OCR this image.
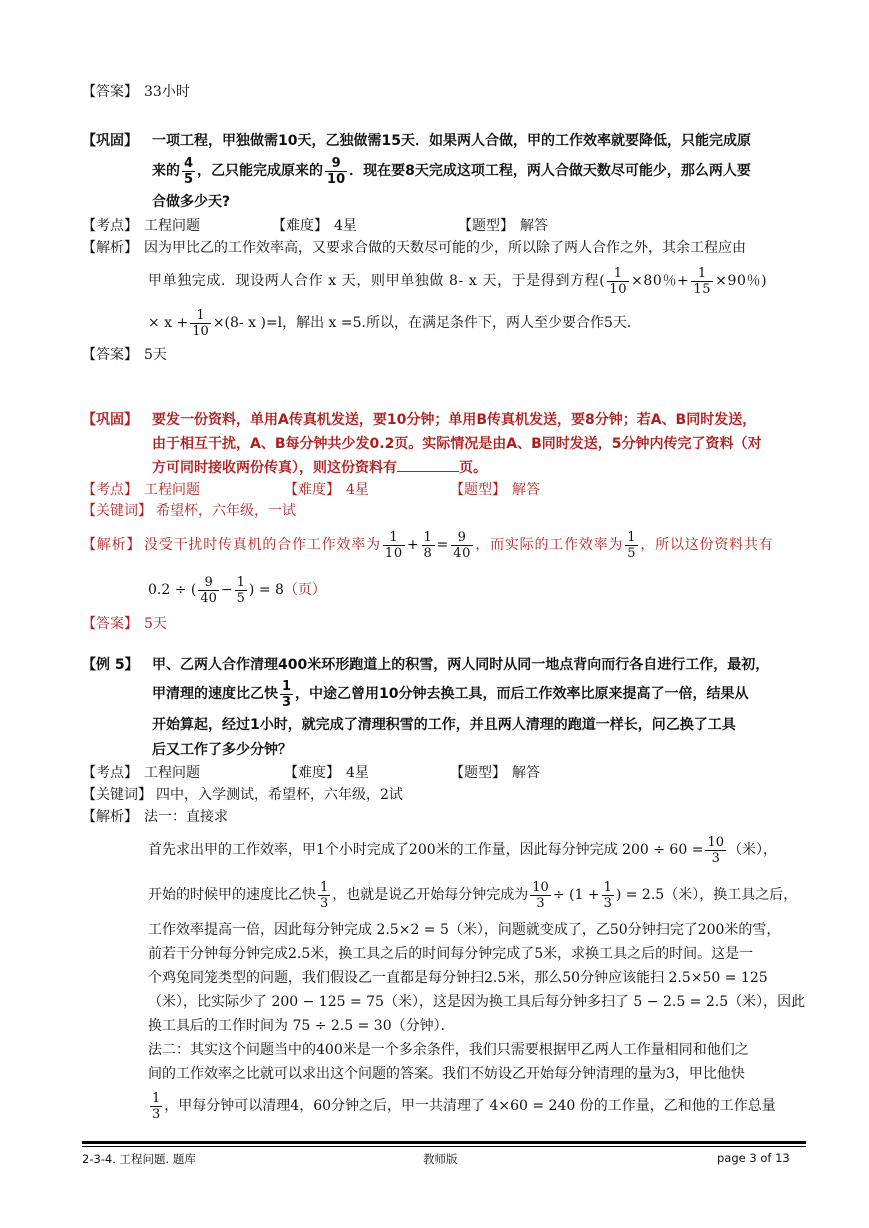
【答案】 33小时
【巩固】 一项工程，甲独做需10天，乙独做需15天．如果两人合做，甲的工作效率就要降低，只能完成原
来的 $\frac{4}{5}$ ，乙只能完成原来的 $\frac{9}{10}$ ．现在要8天完成这项工程，两人合做天数尽可能少，那么两人要
合做多少天?
【考点】 工程问题	【难度】 4星	【题型】 解答
【解析】 因为甲比乙的工作效率高，又要求合做的天数尽可能的少，所以除了两人合作之外，其余工程应由
甲单独完成．现设两人合作 x 天，则甲单独做 8- x 天，于是得到方程( $\frac{1}{10} \times 80$％+ $\frac{1}{15} \times 90$％)
× $x + \frac{1}{10} \times(8-$ x )=l，解出 x =5.所以，在满足条件下，两人至少要合作5天．
【答案】 5天
【巩固】 要发一份资料，单用A传真机发送，要10分钟；单用B传真机发送，要8分钟；若A、B同时发送，
由于相互干扰，A、B每分钟共少发0.2页。实际情况是由A、B同时发送，5分钟内传完了资料（对
方可同时接收两份传真），则这份资料有	页。
【考点】 工程问题	【难度】 4星	【题型】 解答
【关键词】 希望杯，六年级，一试
【解析】 没受干扰时传真机的合作工作效率为 $\frac{1}{10} + \frac{1}{8} = \frac{9}{40}$ ，而实际的工作效率为 $\frac{1}{5}$ ，所以这份资料共有
0.2 ÷ ( $\frac{9}{40} - \frac{1}{5}$ ) = 8（页）
【答案】 5天
【例 5】 甲、乙两人合作清理400米环形跑道上的积雪，两人同时从同一地点背向而行各自进行工作，最初，
甲清理的速度比乙快 $\frac{1}{3}$ ，中途乙曾用10分钟去换工具，而后工作效率比原来提高了一倍，结果从
开始算起，经过1小时，就完成了清理积雪的工作，并且两人清理的跑道一样长，问乙换了工具
后又工作了多少分钟？
【考点】 工程问题	【难度】 4星	【题型】 解答
【关键词】 四中，入学测试，希望杯，六年级，2试
【解析】 法一：直接求
首先求出甲的工作效率，甲1个小时完成了200米的工作量，因此每分钟完成 $200 \div 60 = \frac{10}{3}$ （米），
开始的时候甲的速度比乙快 $\frac{1}{3}$ ，也就是说乙开始每分钟完成为 $\frac{10}{3} \div (1 + \frac{1}{3}$ ) = 2.5（米），换工具之后，
工作效率提高一倍，因此每分钟完成 2.5×2 = 5（米），问题就变成了，乙50分钟扫完了200米的雪，
前若干分钟每分钟完成2.5米，换工具之后的时间每分钟完成了5米，求换工具之后的时间。这是一
个鸡兔同笼类型的问题，我们假设乙一直都是每分钟扫2.5米，那么50分钟应该能扫 2.5×50 = 125
（米），比实际少了 200 − 125 = 75（米），这是因为换工具后每分钟多扫了 5 − 2.5 = 2.5（米），因此
换工具后的工作时间为 75 ÷ 2.5 = 30（分钟）．
法二：其实这个问题当中的400米是一个多余条件，我们只需要根据甲乙两人工作量相同和他们之
间的工作效率之比就可以求出这个问题的答案。我们不妨设乙开始每分钟清理的量为3，甲比他快
$\frac{1}{3}$ ，甲每分钟可以清理4，60分钟之后，甲一共清理了 4×60 = 240 份的工作量，乙和他的工作总量
2-3-4. 工程问题. 题库	教师版	page 3 of 13
